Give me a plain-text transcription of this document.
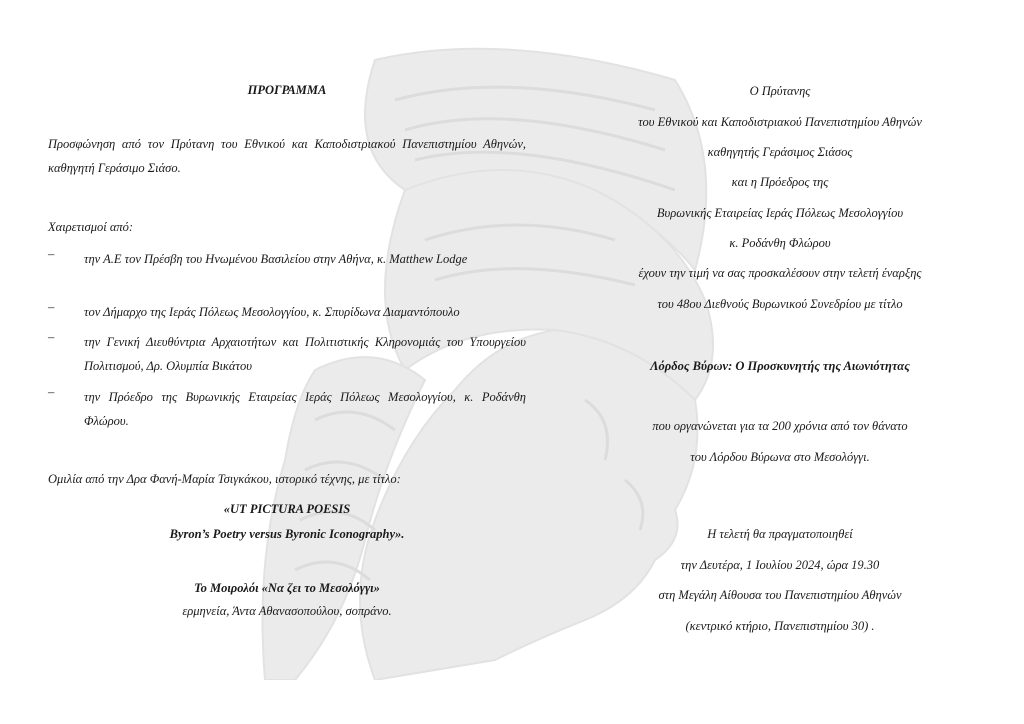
ΠΡΟΓΡΑΜΜΑ
Προσφώνηση από τον Πρύτανη του Εθνικού και Καποδιστριακού Πανεπιστημίου Αθηνών, καθηγητή Γεράσιμο Σιάσο.
Χαιρετισμοί από:
–	την Α.Ε τον Πρέσβη του Ηνωμένου Βασιλείου στην Αθήνα, κ. Matthew Lodge
–	τον Δήμαρχο της Ιεράς Πόλεως Μεσολογγίου, κ. Σπυρίδωνα Διαμαντόπουλο
–	την Γενική Διευθύντρια Αρχαιοτήτων και Πολιτιστικής Κληρονομιάς του Υπουργείου Πολιτισμού, Δρ. Ολυμπία Βικάτου
–	την Πρόεδρο της Βυρωνικής Εταιρείας Ιεράς Πόλεως Μεσολογγίου, κ. Ροδάνθη Φλώρου.
Ομιλία από την Δρα Φανή-Μαρία Τσιγκάκου, ιστορικό τέχνης, με τίτλο:
«UT PICTURA POESIS
Byron’s Poetry versus Byronic Iconography».
Το Μοιρολόι «Να ζει το Μεσολόγγι»
ερμηνεία, Άντα Αθανασοπούλου, σοπράνο.
Ο Πρύτανης
του Εθνικού και Καποδιστριακού Πανεπιστημίου Αθηνών
καθηγητής Γεράσιμος Σιάσος
και η Πρόεδρος της
Βυρωνικής Εταιρείας Ιεράς Πόλεως Μεσολογγίου
κ. Ροδάνθη Φλώρου
έχουν την τιμή να σας προσκαλέσουν στην τελετή έναρξης
του 48ου Διεθνούς Βυρωνικού Συνεδρίου με τίτλο
Λόρδος Βύρων: Ο Προσκυνητής της Αιωνιότητας
που οργανώνεται για τα 200 χρόνια από τον θάνατο
του Λόρδου Βύρωνα στο Μεσολόγγι.
Η τελετή θα πραγματοποιηθεί
την Δευτέρα, 1 Ιουλίου 2024, ώρα 19.30
στη Μεγάλη Αίθουσα του Πανεπιστημίου Αθηνών
(κεντρικό κτήριο, Πανεπιστημίου 30) .
